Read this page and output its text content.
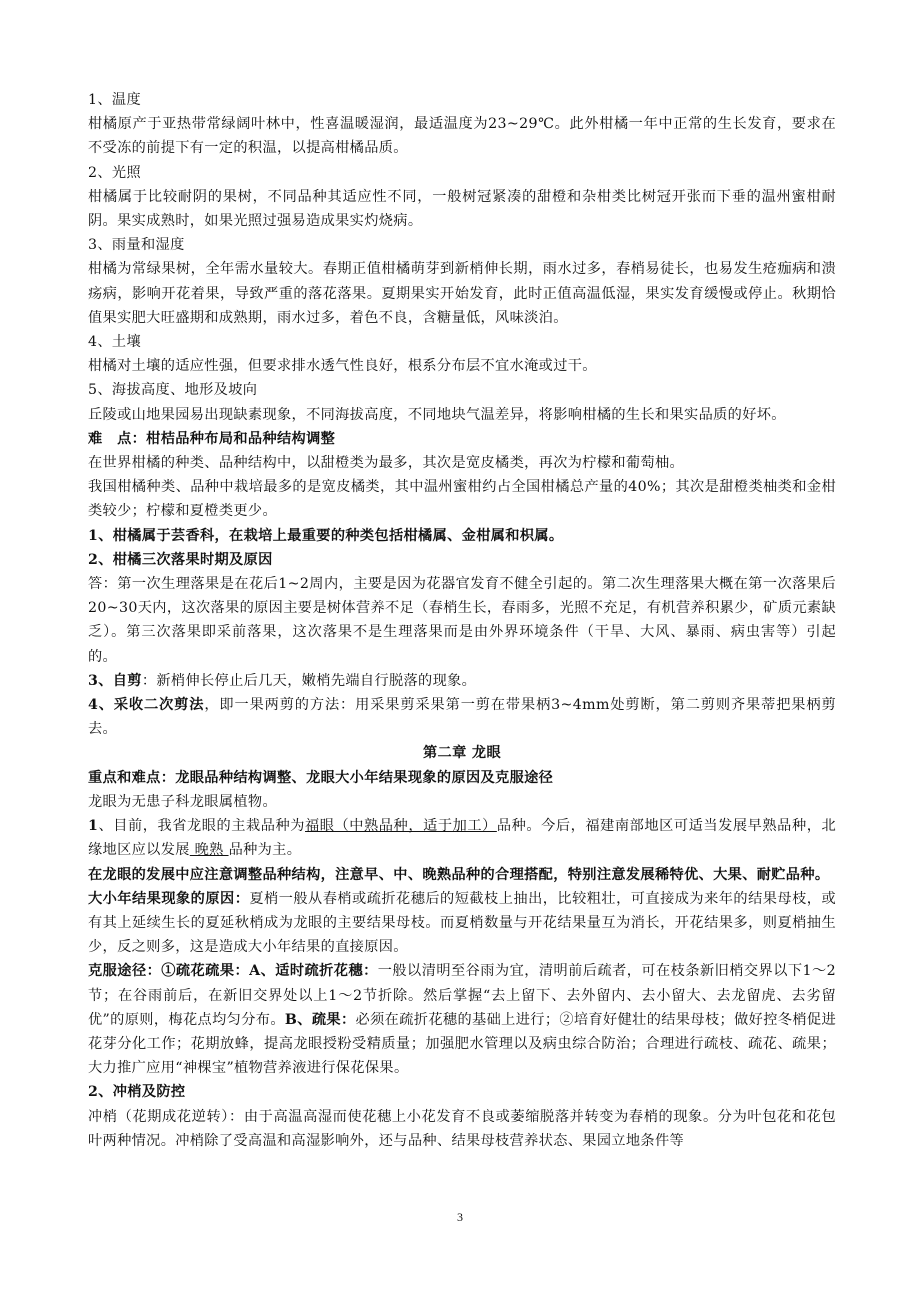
1、温度

柑橘原产于亚热带常绿阔叶林中，性喜温暖湿润，最适温度为23~29℃。此外柑橘一年中正常的生长发育，要求在不受冻的前提下有一定的积温，以提高柑橘品质。

2、光照

柑橘属于比较耐阴的果树，不同品种其适应性不同，一般树冠紧凑的甜橙和杂柑类比树冠开张而下垂的温州蜜柑耐阴。果实成熟时，如果光照过强易造成果实灼烧病。

3、雨量和湿度

柑橘为常绿果树，全年需水量较大。春期正值柑橘萌芽到新梢伸长期，雨水过多，春梢易徒长，也易发生疮痂病和溃疡病，影响开花着果，导致严重的落花落果。夏期果实开始发育，此时正值高温低湿，果实发育缓慢或停止。秋期恰值果实肥大旺盛期和成熟期，雨水过多，着色不良，含糖量低，风味淡泊。

4、土壤

柑橘对土壤的适应性强，但要求排水透气性良好，根系分布层不宜水淹或过干。

5、海拔高度、地形及坡向

丘陵或山地果园易出现缺素现象，不同海拔高度，不同地块气温差异，将影响柑橘的生长和果实品质的好坏。

难　点：柑桔品种布局和品种结构调整

在世界柑橘的种类、品种结构中，以甜橙类为最多，其次是宽皮橘类，再次为柠檬和葡萄柚。

我国柑橘种类、品种中栽培最多的是宽皮橘类，其中温州蜜柑约占全国柑橘总产量的40%；其次是甜橙类柚类和金柑类较少；柠檬和夏橙类更少。

1、柑橘属于芸香科，在栽培上最重要的种类包括柑橘属、金柑属和枳属。

2、柑橘三次落果时期及原因

答：第一次生理落果是在花后1~2周内，主要是因为花器官发育不健全引起的。第二次生理落果大概在第一次落果后20~30天内，这次落果的原因主要是树体营养不足（春梢生长，春雨多，光照不充足，有机营养积累少，矿质元素缺乏）。第三次落果即采前落果，这次落果不是生理落果而是由外界环境条件（干旱、大风、暴雨、病虫害等）引起的。

3、自剪：新梢伸长停止后几天，嫩梢先端自行脱落的现象。

4、采收二次剪法，即一果两剪的方法：用采果剪采果第一剪在带果柄3~4mm处剪断，第二剪则齐果蒂把果柄剪去。

第二章 龙眼

重点和难点：龙眼品种结构调整、龙眼大小年结果现象的原因及克服途径

龙眼为无患子科龙眼属植物。

1、目前，我省龙眼的主栽品种为福眼（中熟品种，适于加工）品种。今后，福建南部地区可适当发展早熟品种，北缘地区应以发展 晚熟 品种为主。

在龙眼的发展中应注意调整品种结构，注意早、中、晚熟品种的合理搭配，特别注意发展稀特优、大果、耐贮品种。

大小年结果现象的原因：夏梢一般从春梢或疏折花穗后的短截枝上抽出，比较粗壮，可直接成为来年的结果母枝，或有其上延续生长的夏延秋梢成为龙眼的主要结果母枝。而夏梢数量与开花结果量互为消长，开花结果多，则夏梢抽生少，反之则多，这是造成大小年结果的直接原因。

克服途径：①疏花疏果：A、适时疏折花穗：一般以清明至谷雨为宜，清明前后疏者，可在枝条新旧梢交界以下1～2节；在谷雨前后，在新旧交界处以上1～2节折除。然后掌握“去上留下、去外留内、去小留大、去龙留虎、去劣留优”的原则，梅花点均匀分布。B、疏果：必须在疏折花穗的基础上进行；②培育好健壮的结果母枝；做好控冬梢促进花芽分化工作；花期放蜂，提高龙眼授粉受精质量；加强肥水管理以及病虫综合防治；合理进行疏枝、疏花、疏果；大力推广应用“神棵宝”植物营养液进行保花保果。

2、冲梢及防控

冲梢（花期成花逆转）：由于高温高湿而使花穗上小花发育不良或萎缩脱落并转变为春梢的现象。分为叶包花和花包叶两种情况。冲梢除了受高温和高湿影响外，还与品种、结果母枝营养状态、果园立地条件等

3
